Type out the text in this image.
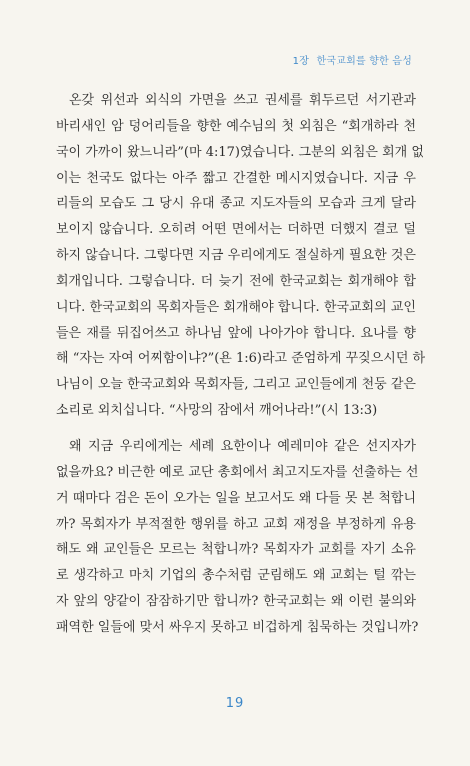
1장 한국교회를 향한 음성
온갖 위선과 외식의 가면을 쓰고 권세를 휘두르던 서기관과
바리새인 암 덩어리들을 향한 예수님의 첫 외침은 “회개하라 천
국이 가까이 왔느니라”(마 4:17)였습니다. 그분의 외침은 회개 없
이는 천국도 없다는 아주 짧고 간결한 메시지였습니다. 지금 우
리들의 모습도 그 당시 유대 종교 지도자들의 모습과 크게 달라
보이지 않습니다. 오히려 어떤 면에서는 더하면 더했지 결코 덜
하지 않습니다. 그렇다면 지금 우리에게도 절실하게 필요한 것은
회개입니다. 그렇습니다. 더 늦기 전에 한국교회는 회개해야 합
니다. 한국교회의 목회자들은 회개해야 합니다. 한국교회의 교인
들은 재를 뒤집어쓰고 하나님 앞에 나아가야 합니다. 요나를 향
해 “자는 자여 어찌함이냐?”(욘 1:6)라고 준엄하게 꾸짖으시던 하
나님이 오늘 한국교회와 목회자들, 그리고 교인들에게 천둥 같은
소리로 외치십니다. “사망의 잠에서 깨어나라!”(시 13:3)
왜 지금 우리에게는 세례 요한이나 예레미야 같은 선지자가
없을까요? 비근한 예로 교단 총회에서 최고지도자를 선출하는 선
거 때마다 검은 돈이 오가는 일을 보고서도 왜 다들 못 본 척합니
까? 목회자가 부적절한 행위를 하고 교회 재정을 부정하게 유용
해도 왜 교인들은 모르는 척합니까? 목회자가 교회를 자기 소유
로 생각하고 마치 기업의 총수처럼 군림해도 왜 교회는 털 깎는
자 앞의 양같이 잠잠하기만 합니까? 한국교회는 왜 이런 불의와
패역한 일들에 맞서 싸우지 못하고 비겁하게 침묵하는 것입니까?
19
